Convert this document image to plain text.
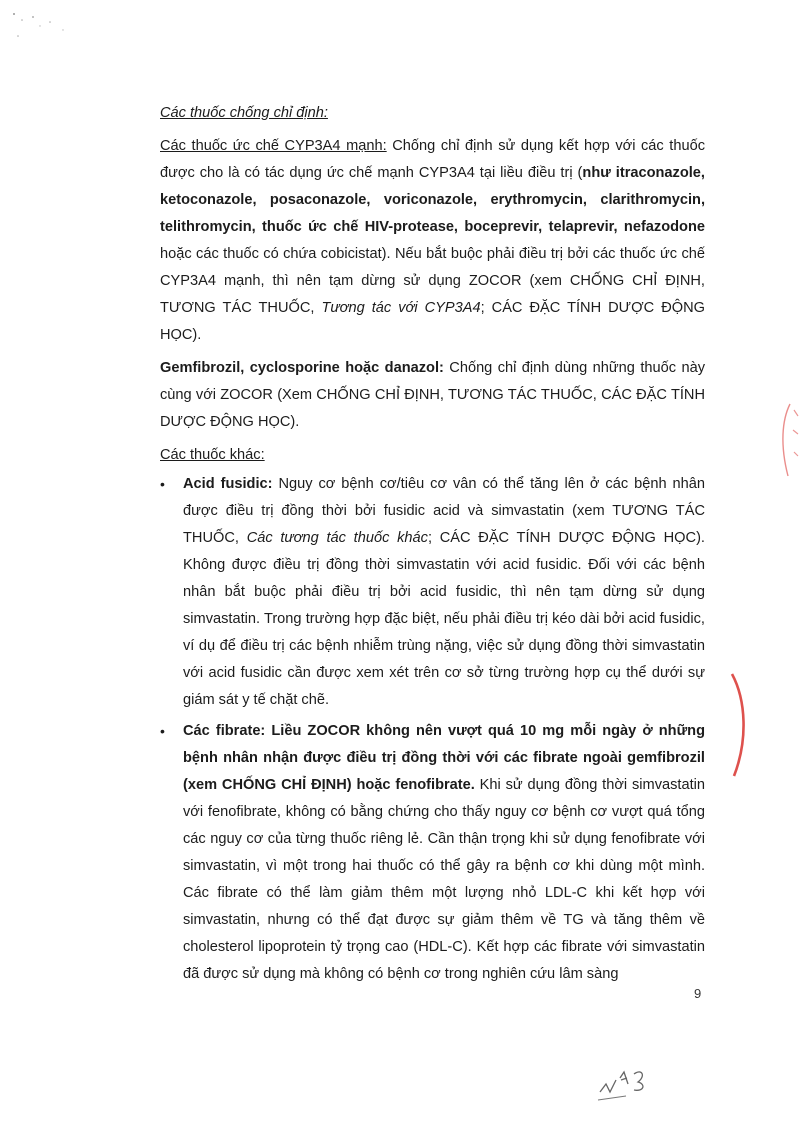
Các thuốc chống chỉ định:

Các thuốc ức chế CYP3A4 mạnh: Chống chỉ định sử dụng kết hợp với các thuốc được cho là có tác dụng ức chế mạnh CYP3A4 tại liều điều trị (như itraconazole, ketoconazole, posaconazole, voriconazole, erythromycin, clarithromycin, telithromycin, thuốc ức chế HIV-protease, boceprevir, telaprevir, nefazodone hoặc các thuốc có chứa cobicistat). Nếu bắt buộc phải điều trị bởi các thuốc ức chế CYP3A4 mạnh, thì nên tạm dừng sử dụng ZOCOR (xem CHỐNG CHỈ ĐỊNH, TƯƠNG TÁC THUỐC, Tương tác với CYP3A4; CÁC ĐẶC TÍNH DƯỢC ĐỘNG HỌC).

Gemfibrozil, cyclosporine hoặc danazol: Chống chỉ định dùng những thuốc này cùng với ZOCOR (Xem CHỐNG CHỈ ĐỊNH, TƯƠNG TÁC THUỐC, CÁC ĐẶC TÍNH DƯỢC ĐỘNG HỌC).

Các thuốc khác:

• Acid fusidic: Nguy cơ bệnh cơ/tiêu cơ vân có thể tăng lên ở các bệnh nhân được điều trị đồng thời bởi fusidic acid và simvastatin (xem TƯƠNG TÁC THUỐC, Các tương tác thuốc khác; CÁC ĐẶC TÍNH DƯỢC ĐỘNG HỌC). Không được điều trị đồng thời simvastatin với acid fusidic. Đối với các bệnh nhân bắt buộc phải điều trị bởi acid fusidic, thì nên tạm dừng sử dụng simvastatin. Trong trường hợp đặc biệt, nếu phải điều trị kéo dài bởi acid fusidic, ví dụ để điều trị các bệnh nhiễm trùng nặng, việc sử dụng đồng thời simvastatin với acid fusidic cần được xem xét trên cơ sở từng trường hợp cụ thể dưới sự giám sát y tế chặt chẽ.
• Các fibrate: Liều ZOCOR không nên vượt quá 10 mg mỗi ngày ở những bệnh nhân nhận được điều trị đồng thời với các fibrate ngoài gemfibrozil (xem CHỐNG CHỈ ĐỊNH) hoặc fenofibrate. Khi sử dụng đồng thời simvastatin với fenofibrate, không có bằng chứng cho thấy nguy cơ bệnh cơ vượt quá tổng các nguy cơ của từng thuốc riêng lẻ. Cần thận trọng khi sử dụng fenofibrate với simvastatin, vì một trong hai thuốc có thể gây ra bệnh cơ khi dùng một mình. Các fibrate có thể làm giảm thêm một lượng nhỏ LDL-C khi kết hợp với simvastatin, nhưng có thể đạt được sự giảm thêm về TG và tăng thêm về cholesterol lipoprotein tỷ trọng cao (HDL-C). Kết hợp các fibrate với simvastatin đã được sử dụng mà không có bệnh cơ trong nghiên cứu lâm sàng
9
